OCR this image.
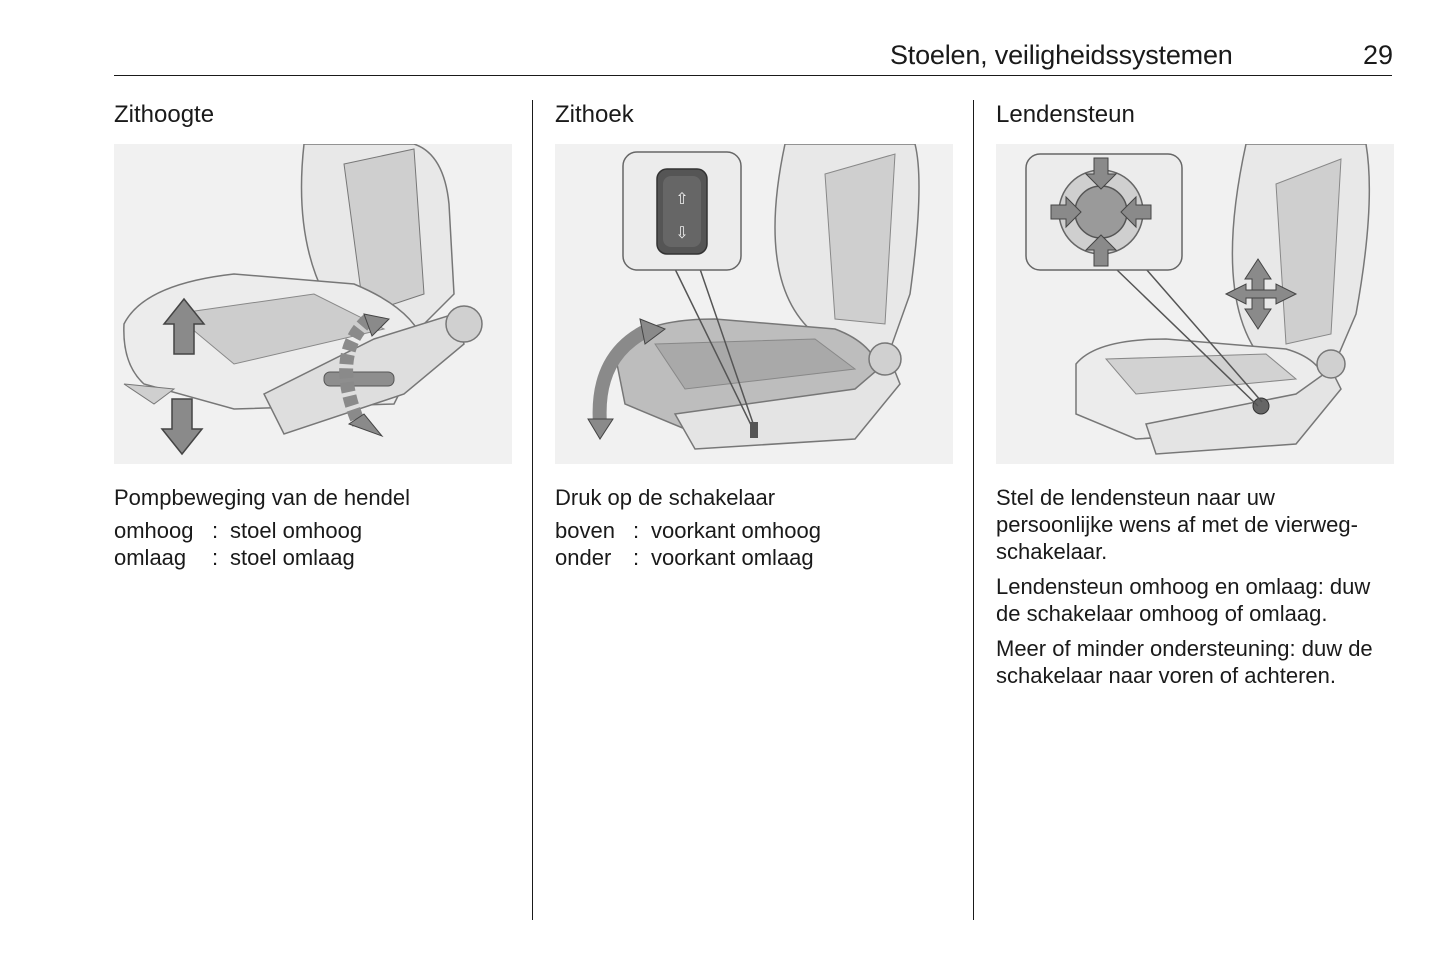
Stoelen, veiligheidssystemen	29
Zithoogte

Pompbeweging van de hendel

omhoog : stoel omhoog
omlaag	: stoel omlaag
Zithoek
⇧
⇩

Druk op de schakelaar

boven : voorkant omhoog
onder : voorkant omlaag
Lendensteun

Stel de lendensteun naar uw persoonlijke wens af met de vierweg-schakelaar.

Lendensteun omhoog en omlaag: duw de schakelaar omhoog of omlaag.

Meer of minder ondersteuning: duw de schakelaar naar voren of achteren.
